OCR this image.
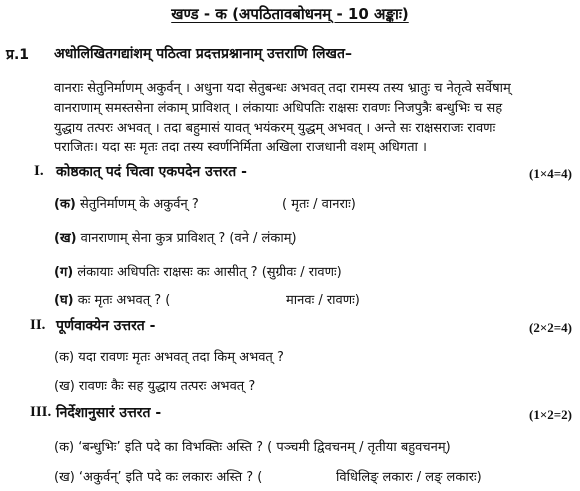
खण्ड - क (अपठितावबोधनम् - 10 अङ्काः)
प्र.1 अधोलिखितगद्यांशम् पठित्वा प्रदत्तप्रश्नानाम् उत्तराणि लिखत–
वानराः सेतुनिर्माणम् अकुर्वन् । अधुना यदा सेतुबन्धः अभवत् तदा रामस्य तस्य भ्रातुः च नेतृत्वे सर्वेषाम्
वानराणाम् समस्तसेना लंकाम् प्राविशत् । लंकायाः अधिपतिः राक्षसः रावणः निजपुत्रैः बन्धुभिः च सह
युद्धाय तत्परः अभवत् । तदा बहुमासं यावत् भयंकरम् युद्धम् अभवत् । अन्ते सः राक्षसराजः रावणः
पराजितः। यदा सः मृतः तदा तस्य स्वर्णनिर्मिता अखिला राजधानी वशम् अधिगता ।
I. कोष्ठकात् पदं चित्वा एकपदेन उत्तरत -	(1×4=4)
(क) सेतुनिर्माणम् के अकुर्वन् ?	( मृतः / वानराः)
(ख) वानराणाम् सेना कुत्र प्राविशत् ? (वने / लंकाम्)
(ग) लंकायाः अधिपतिः राक्षसः कः आसीत् ? (सुग्रीवः / रावणः)
(घ) कः मृतः अभवत् ? (	मानवः / रावणः)
II. पूर्णवाक्येन उत्तरत -	(2×2=4)
(क) यदा रावणः मृतः अभवत् तदा किम् अभवत् ?
(ख) रावणः कैः सह युद्धाय तत्परः अभवत् ?
III. निर्देशानुसारं उत्तरत -	(1×2=2)
(क) ‘बन्धुभिः’ इति पदे का विभक्तिः अस्ति ? ( पञ्चमी द्विवचनम् / तृतीया बहुवचनम्)
(ख) ‘अकुर्वन्’ इति पदे कः लकारः अस्ति ? (	विधिलिङ् लकारः / लङ् लकारः)
